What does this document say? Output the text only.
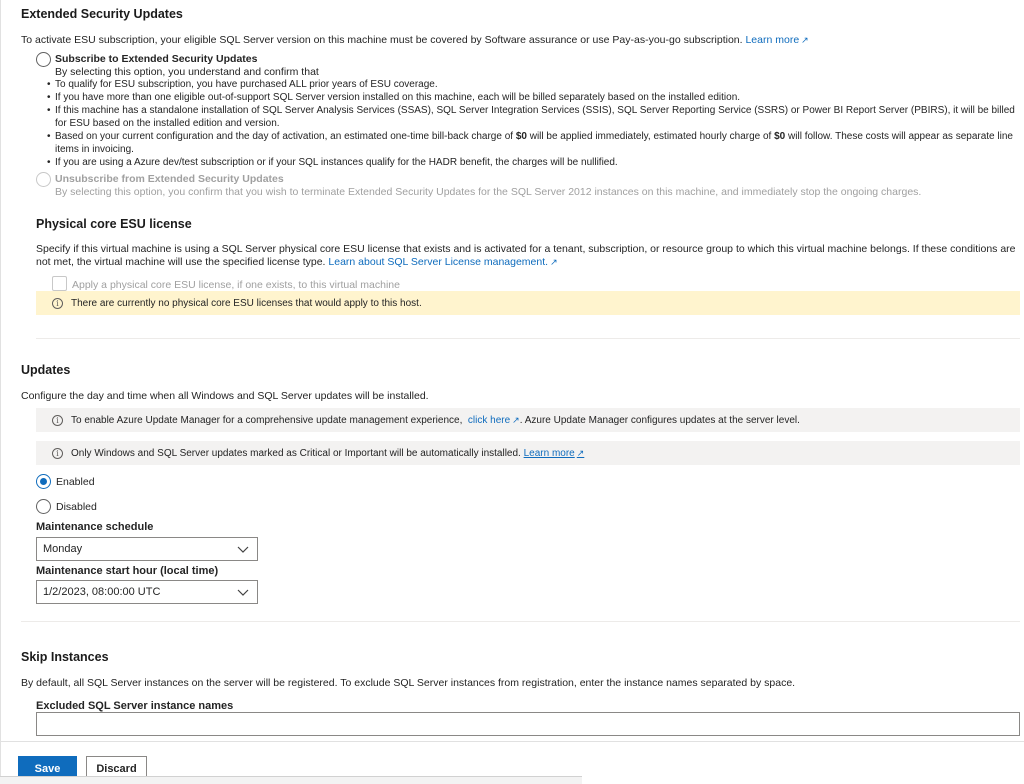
Extended Security Updates
To activate ESU subscription, your eligible SQL Server version on this machine must be covered by Software assurance or use Pay-as-you-go subscription. Learn more ↗
Subscribe to Extended Security Updates
By selecting this option, you understand and confirm that
• To qualify for ESU subscription, you have purchased ALL prior years of ESU coverage.
• If you have more than one eligible out-of-support SQL Server version installed on this machine, each will be billed separately based on the installed edition.
• If this machine has a standalone installation of SQL Server Analysis Services (SSAS), SQL Server Integration Services (SSIS), SQL Server Reporting Service (SSRS) or Power BI Report Server (PBIRS), it will be billed for ESU based on the installed edition and version.
• Based on your current configuration and the day of activation, an estimated one-time bill-back charge of $0 will be applied immediately, estimated hourly charge of $0 will follow. These costs will appear as separate line items in invoicing.
• If you are using a Azure dev/test subscription or if your SQL instances qualify for the HADR benefit, the charges will be nullified.
Unsubscribe from Extended Security Updates
By selecting this option, you confirm that you wish to terminate Extended Security Updates for the SQL Server 2012 instances on this machine, and immediately stop the ongoing charges.
Physical core ESU license
Specify if this virtual machine is using a SQL Server physical core ESU license that exists and is activated for a tenant, subscription, or resource group to which this virtual machine belongs. If these conditions are not met, the virtual machine will use the specified license type. Learn about SQL Server License management. ↗
Apply a physical core ESU license, if one exists, to this virtual machine
i	There are currently no physical core ESU licenses that would apply to this host.
Updates
Configure the day and time when all Windows and SQL Server updates will be installed.
i	To enable Azure Update Manager for a comprehensive update management experience,
click here ↗ . Azure Update Manager configures updates at the server level.
i	Only Windows and SQL Server updates marked as Critical or Important will be automatically installed.
Learn more ↗
Enabled
Disabled
Maintenance schedule
Monday
Maintenance start hour (local time)
1/2/2023, 08:00:00 UTC
Skip Instances
By default, all SQL Server instances on the server will be registered. To exclude SQL Server instances from registration, enter the instance names separated by space.
Excluded SQL Server instance names
Save	Discard
